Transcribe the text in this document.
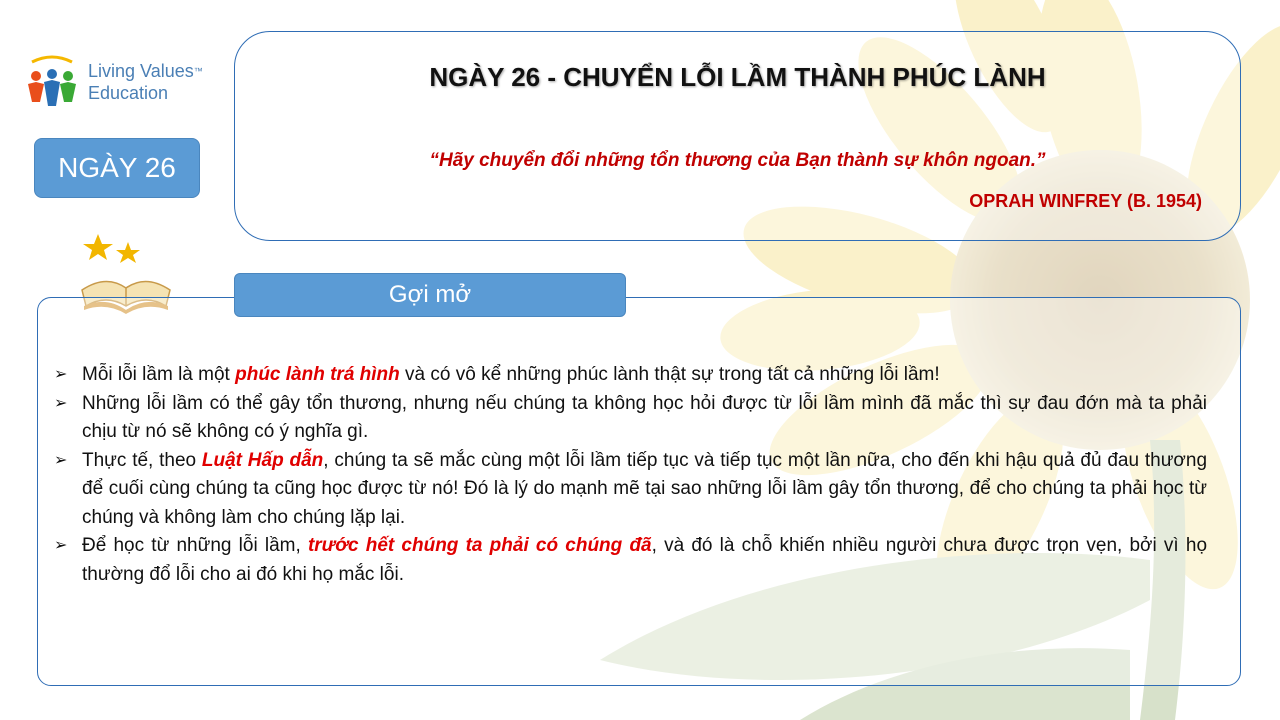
Living Values™
Education
NGÀY 26
NGÀY 26 - CHUYỂN LỖI LẦM THÀNH PHÚC LÀNH
“Hãy chuyển đổi những tổn thương của Bạn thành sự khôn ngoan.”
OPRAH WINFREY (B. 1954)
Gợi mở
➢ Mỗi lỗi lầm là một phúc lành trá hình và có vô kể những phúc lành thật sự trong tất cả những lỗi lầm!
➢ Những lỗi lầm có thể gây tổn thương, nhưng nếu chúng ta không học hỏi được từ lỗi lầm mình đã mắc thì sự đau đớn mà ta phải chịu từ nó sẽ không có ý nghĩa gì.
➢ Thực tế, theo Luật Hấp dẫn, chúng ta sẽ mắc cùng một lỗi lầm tiếp tục và tiếp tục một lần nữa, cho đến khi hậu quả đủ đau thương để cuối cùng chúng ta cũng học được từ nó! Đó là lý do mạnh mẽ tại sao những lỗi lầm gây tổn thương, để cho chúng ta phải học từ chúng và không làm cho chúng lặp lại.
➢ Để học từ những lỗi lầm, trước hết chúng ta phải có chúng đã, và đó là chỗ khiến nhiều người chưa được trọn vẹn, bởi vì họ thường đổ lỗi cho ai đó khi họ mắc lỗi.
